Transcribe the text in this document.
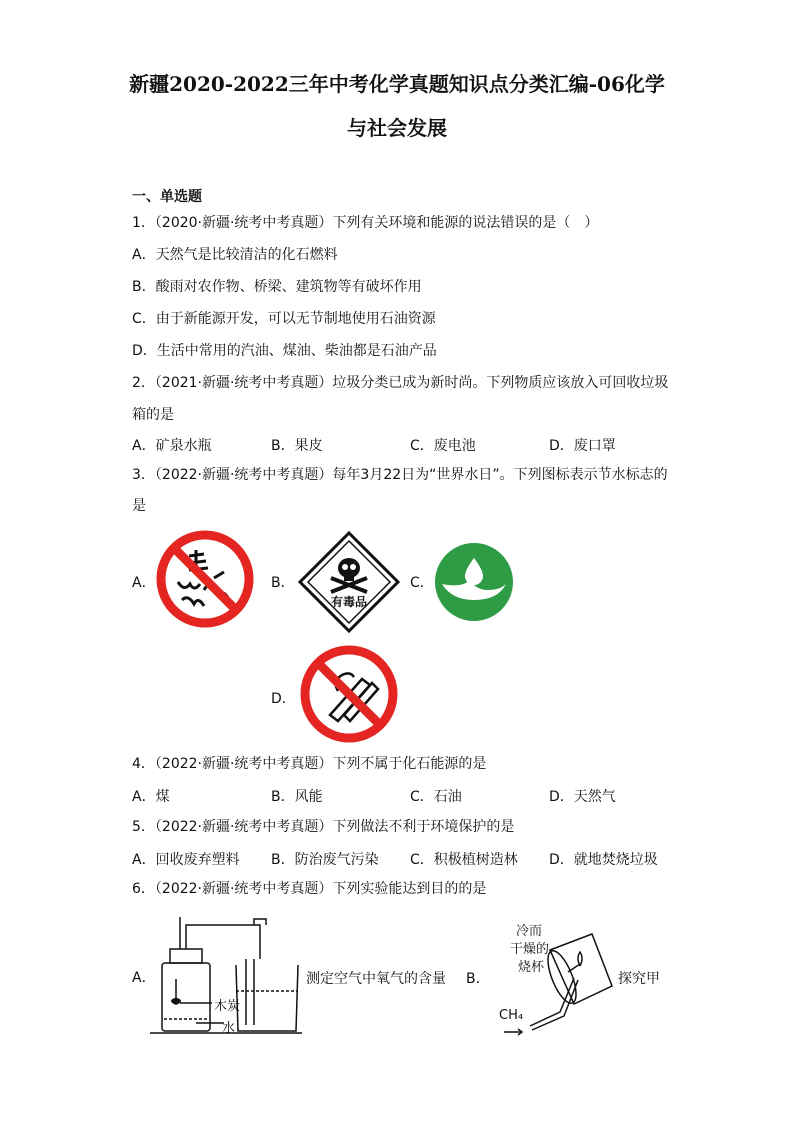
新疆2020-2022三年中考化学真题知识点分类汇编-06化学
与社会发展
一、单选题
1．（2020·新疆·统考中考真题）下列有关环境和能源的说法错误的是（　）
A．天然气是比较清洁的化石燃料
B．酸雨对农作物、桥梁、建筑物等有破坏作用
C．由于新能源开发，可以无节制地使用石油资源
D．生活中常用的汽油、煤油、柴油都是石油产品
2．（2021·新疆·统考中考真题）垃圾分类已成为新时尚。下列物质应该放入可回收垃圾
箱的是
A．矿泉水瓶	B．果皮	C．废电池	D．废口罩
3．（2022·新疆·统考中考真题）每年3月22日为“世界水日”。下列图标表示节水标志的
是
A．	B．
有毒品
C．
D．
4．（2022·新疆·统考中考真题）下列不属于化石能源的是
A．煤	B．风能	C．石油	D．天然气
5．（2022·新疆·统考中考真题）下列做法不利于环境保护的是
A．回收废弃塑料 B．防治废气污染 C．积极植树造林 D．就地焚烧垃圾
6．（2022·新疆·统考中考真题）下列实验能达到目的的是
A．
木炭
水
测定空气中氧气的含量 B．
冷而
干燥的
烧杯
CH₄
探究甲
